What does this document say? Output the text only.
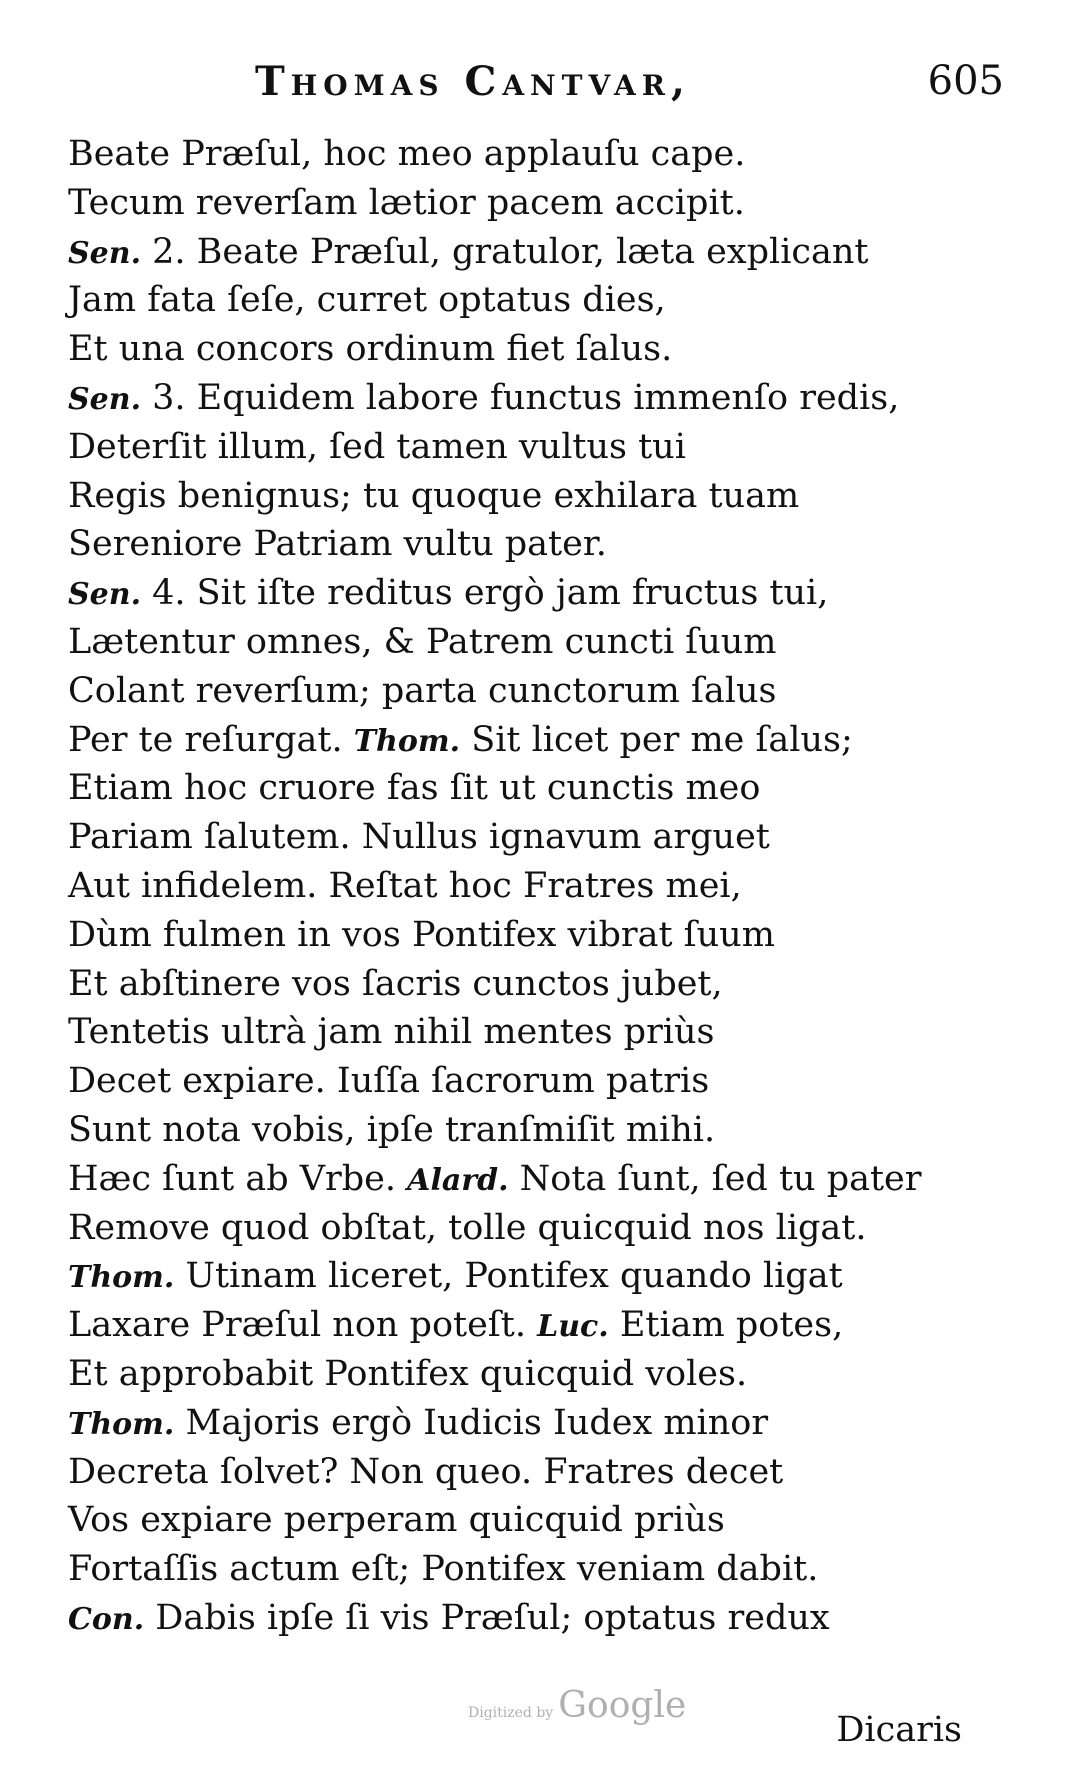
Thomas Cantvar,	605
Beate Præſul, hoc meo applauſu cape.
Tecum reverſam lætior pacem accipit.
Sen. 2. Beate Præſul, gratulor, læta explicant
Jam fata ſeſe, curret optatus dies,
Et una concors ordinum fiet ſalus.
Sen. 3. Equidem labore functus immenſo redis,
Deterſit illum, ſed tamen vultus tui
Regis benignus; tu quoque exhilara tuam
Sereniore Patriam vultu pater.
Sen. 4. Sit iſte reditus ergò jam fructus tui,
Lætentur omnes, & Patrem cuncti ſuum
Colant reverſum; parta cunctorum ſalus
Per te reſurgat. Thom. Sit licet per me ſalus;
Etiam hoc cruore fas ſit ut cunctis meo
Pariam ſalutem. Nullus ignavum arguet
Aut infidelem. Reſtat hoc Fratres mei,
Dùm fulmen in vos Pontifex vibrat ſuum
Et abſtinere vos ſacris cunctos jubet,
Tentetis ultrà jam nihil mentes priùs
Decet expiare. Iuſſa ſacrorum patris
Sunt nota vobis, ipſe tranſmiſit mihi.
Hæc ſunt ab Vrbe. Alard. Nota ſunt, ſed tu pater
Remove quod obſtat, tolle quicquid nos ligat.
Thom. Utinam liceret, Pontifex quando ligat
Laxare Præſul non poteſt. Luc. Etiam potes,
Et approbabit Pontifex quicquid voles.
Thom. Majoris ergò Iudicis Iudex minor
Decreta ſolvet? Non queo. Fratres decet
Vos expiare perperam quicquid priùs
Fortaſſis actum eſt; Pontifex veniam dabit.
Con. Dabis ipſe ſi vis Præſul; optatus redux
Dicaris
Digitized by Google
